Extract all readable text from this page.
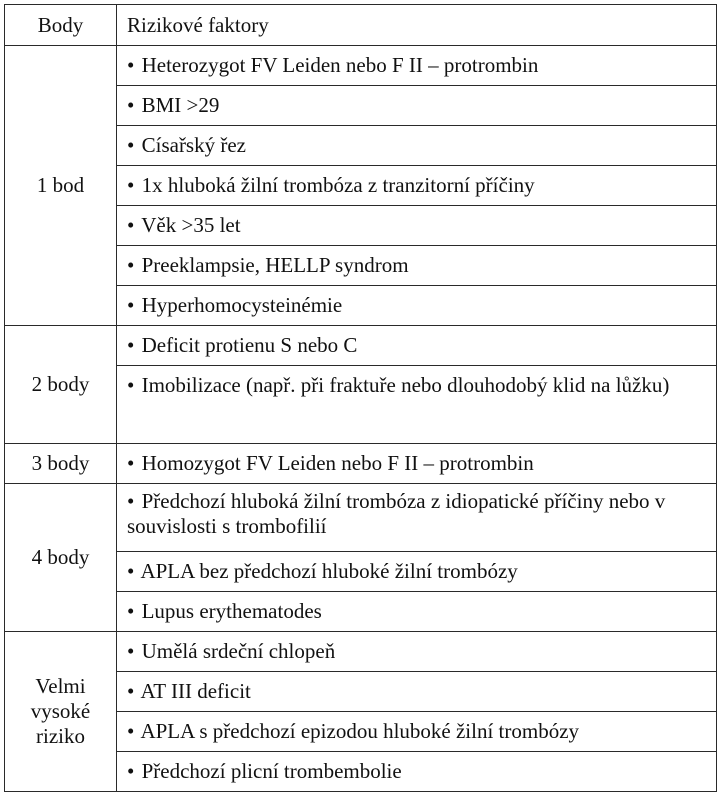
Body	Rizikové faktory
1 bod	• Heterozygot FV Leiden nebo F II – protrombin
	• BMI >29
	• Císařský řez
	• 1x hluboká žilní trombóza z tranzitorní příčiny
	• Věk >35 let
	• Preeklampsie, HELLP syndrom
	• Hyperhomocysteinémie
2 body	• Deficit protienu S nebo C
	• Imobilizace (např. při fraktuře nebo dlouhodobý klid na lůžku)
3 body	• Homozygot FV Leiden nebo F II – protrombin
4 body	• Předchozí hluboká žilní trombóza z idiopatické příčiny nebo v souvislosti s trombofilií
	• APLA bez předchozí hluboké žilní trombózy
	• Lupus erythematodes
Velmi vysoké riziko	• Umělá srdeční chlopeň
	• AT III deficit
	• APLA s předchozí epizodou hluboké žilní trombózy
	• Předchozí plicní trombembolie
